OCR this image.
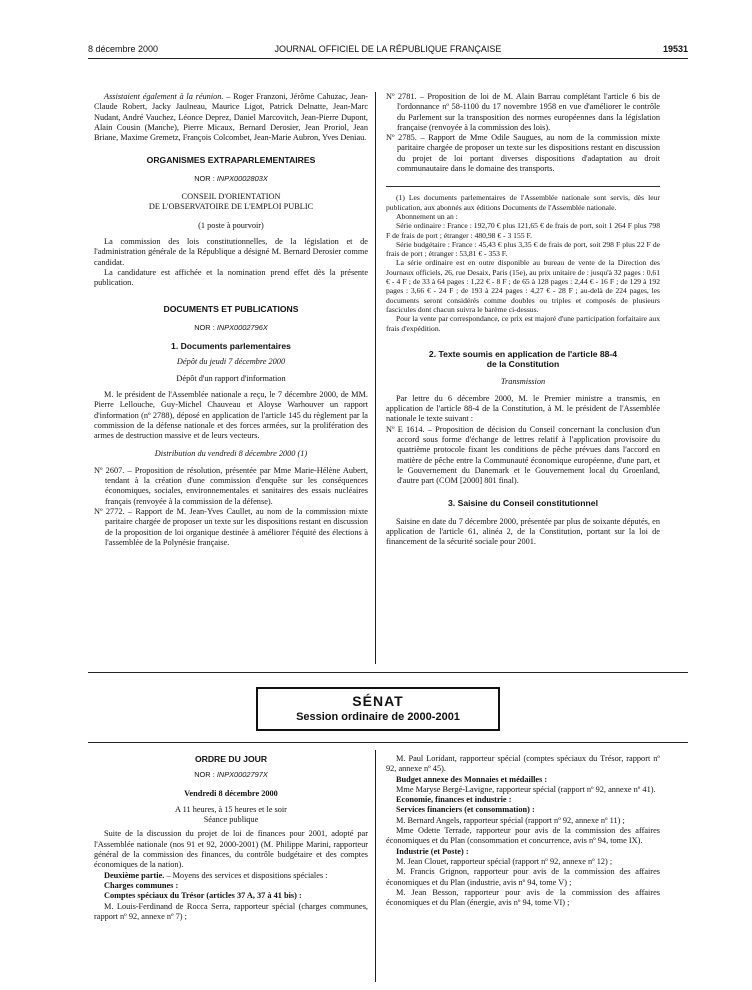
8 décembre 2000	JOURNAL OFFICIEL DE LA RÉPUBLIQUE FRANÇAISE	19531

Assistaient également à la réunion. – Roger Franzoni, Jérôme Cahuzac, Jean-Claude Robert, Jacky Jaulneau, Maurice Ligot, Patrick Delnatte, Jean-Marc Nudant, André Vauchez, Léonce Deprez, Daniel Marcovitch, Jean-Pierre Dupont, Alain Cousin (Manche), Pierre Micaux, Bernard Derosier, Jean Proriol, Jean Briane, Maxime Gremetz, François Colcombet, Jean-Marie Aubron, Yves Deniau.

ORGANISMES EXTRAPARLEMENTAIRES
NOR : INPX0002803X
CONSEIL D'ORIENTATION
DE L'OBSERVATOIRE DE L'EMPLOI PUBLIC
(1 poste à pourvoir)

La commission des lois constitutionnelles, de la législation et de l'administration générale de la République a désigné M. Bernard Derosier comme candidat.

La candidature est affichée et la nomination prend effet dès la présente publication.

DOCUMENTS ET PUBLICATIONS
NOR : INPX0002796X
1. Documents parlementaires
Dépôt du jeudi 7 décembre 2000
Dépôt d'un rapport d'information

M. le président de l'Assemblée nationale a reçu, le 7 décembre 2000, de MM. Pierre Lellouche, Guy-Michel Chauveau et Aloyse Warhouver un rapport d'information (nº 2788), déposé en application de l'article 145 du règlement par la commission de la défense nationale et des forces armées, sur la prolifération des armes de destruction massive et de leurs vecteurs.

Distribution du vendredi 8 décembre 2000 (1)

Nº 2607. – Proposition de résolution, présentée par Mme Marie-Hélène Aubert, tendant à la création d'une commission d'enquête sur les conséquences économiques, sociales, environnementales et sanitaires des essais nucléaires français (renvoyée à la commission de la défense).

Nº 2772. – Rapport de M. Jean-Yves Caullet, au nom de la commission mixte paritaire chargée de proposer un texte sur les dispositions restant en discussion de la proposition de loi organique destinée à améliorer l'équité des élections à l'assemblée de la Polynésie française.

Nº 2781. – Proposition de loi de M. Alain Barrau complétant l'article 6 bis de l'ordonnance nº 58-1100 du 17 novembre 1958 en vue d'améliorer le contrôle du Parlement sur la transposition des normes européennes dans la législation française (renvoyée à la commission des lois).

Nº 2785. – Rapport de Mme Odile Saugues, au nom de la commission mixte paritaire chargée de proposer un texte sur les dispositions restant en discussion du projet de loi portant diverses dispositions d'adaptation au droit communautaire dans le domaine des transports.

(1) Les documents parlementaires de l'Assemblée nationale sont servis, dès leur publication, aux abonnés aux éditions Documents de l'Assemblée nationale.

Abonnement un an :

Série ordinaire : France : 192,70 € plus 121,65 € de frais de port, soit 1 264 F plus 798 F de frais de port ; étranger : 480,98 € - 3 155 F.

Série budgétaire : France : 45,43 € plus 3,35 € de frais de port, soit 298 F plus 22 F de frais de port ; étranger : 53,81 € - 353 F.

La série ordinaire est en outre disponible au bureau de vente de la Direction des Journaux officiels, 26, rue Desaix, Paris (15e), au prix unitaire de : jusqu'à 32 pages : 0,61 € - 4 F ; de 33 à 64 pages : 1,22 € - 8 F ; de 65 à 128 pages : 2,44 € - 16 F ; de 129 à 192 pages : 3,66 € - 24 F ; de 193 à 224 pages : 4,27 € - 28 F ; au-delà de 224 pages, les documents seront considérés comme doubles ou triples et composés de plusieurs fascicules dont chacun suivra le barème ci-dessus.

Pour la vente par correspondance, ce prix est majoré d'une participation forfaitaire aux frais d'expédition.

2. Texte soumis en application de l'article 88-4
de la Constitution
Transmission

Par lettre du 6 décembre 2000, M. le Premier ministre a transmis, en application de l'article 88-4 de la Constitution, à M. le président de l'Assemblée nationale le texte suivant :

Nº E 1614. – Proposition de décision du Conseil concernant la conclusion d'un accord sous forme d'échange de lettres relatif à l'application provisoire du quatrième protocole fixant les conditions de pêche prévues dans l'accord en matière de pêche entre la Communauté économique européenne, d'une part, et le Gouvernement du Danemark et le Gouvernement local du Groenland, d'autre part (COM [2000] 801 final).

3. Saisine du Conseil constitutionnel

Saisine en date du 7 décembre 2000, présentée par plus de soixante députés, en application de l'article 61, alinéa 2, de la Constitution, portant sur la loi de financement de la sécurité sociale pour 2001.

SÉNAT
Session ordinaire de 2000-2001
ORDRE DU JOUR
NOR : INPX0002797X
Vendredi 8 décembre 2000
A 11 heures, à 15 heures et le soir
Séance publique

Suite de la discussion du projet de loi de finances pour 2001, adopté par l'Assemblée nationale (nos 91 et 92, 2000-2001) (M. Philippe Marini, rapporteur général de la commission des finances, du contrôle budgétaire et des comptes économiques de la nation).

Deuxième partie. – Moyens des services et dispositions spéciales :

Charges communes :

Comptes spéciaux du Trésor (articles 37 A, 37 à 41 bis) :

M. Louis-Ferdinand de Rocca Serra, rapporteur spécial (charges communes, rapport nº 92, annexe nº 7) ;

M. Paul Loridant, rapporteur spécial (comptes spéciaux du Trésor, rapport nº 92, annexe nº 45).

Budget annexe des Monnaies et médailles :

Mme Maryse Bergé-Lavigne, rapporteur spécial (rapport nº 92, annexe nº 41).

Economie, finances et industrie :

Services financiers (et consommation) :

M. Bernard Angels, rapporteur spécial (rapport nº 92, annexe nº 11) ;

Mme Odette Terrade, rapporteur pour avis de la commission des affaires économiques et du Plan (consommation et concurrence, avis nº 94, tome IX).

Industrie (et Poste) :

M. Jean Clouet, rapporteur spécial (rapport nº 92, annexe nº 12) ;

M. Francis Grignon, rapporteur pour avis de la commission des affaires économiques et du Plan (industrie, avis nº 94, tome V) ;

M. Jean Besson, rapporteur pour avis de la commission des affaires économiques et du Plan (énergie, avis nº 94, tome VI) ;
